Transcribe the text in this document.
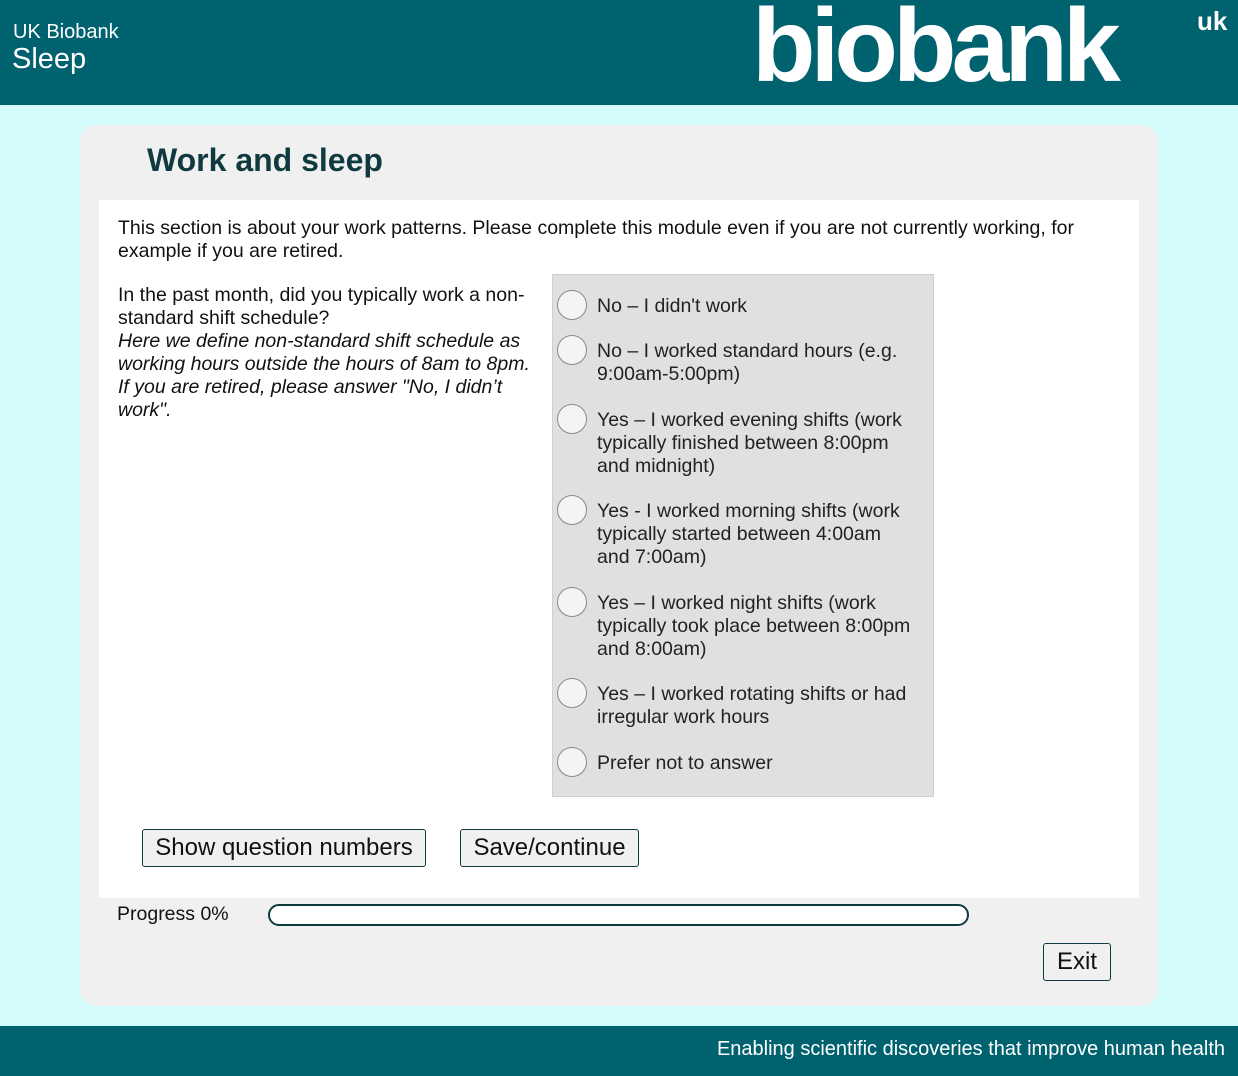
UK Biobank
Sleep	biobank	uk
Work and sleep
This section is about your work patterns. Please complete this module even if you are not currently working, for example if you are retired.
In the past month, did you typically work a non-standard shift schedule?
Here we define non-standard shift schedule as working hours outside the hours of 8am to 8pm.
If you are retired, please answer "No, I didn’t work".
No – I didn't work
No – I worked standard hours (e.g. 9:00am-5:00pm)
Yes – I worked evening shifts (work typically finished between 8:00pm and midnight)
Yes - I worked morning shifts (work typically started between 4:00am and 7:00am)
Yes – I worked night shifts (work typically took place between 8:00pm and 8:00am)
Yes – I worked rotating shifts or had irregular work hours
Prefer not to answer
Show question numbers	Save/continue
Progress 0%
Exit
Enabling scientific discoveries that improve human health
